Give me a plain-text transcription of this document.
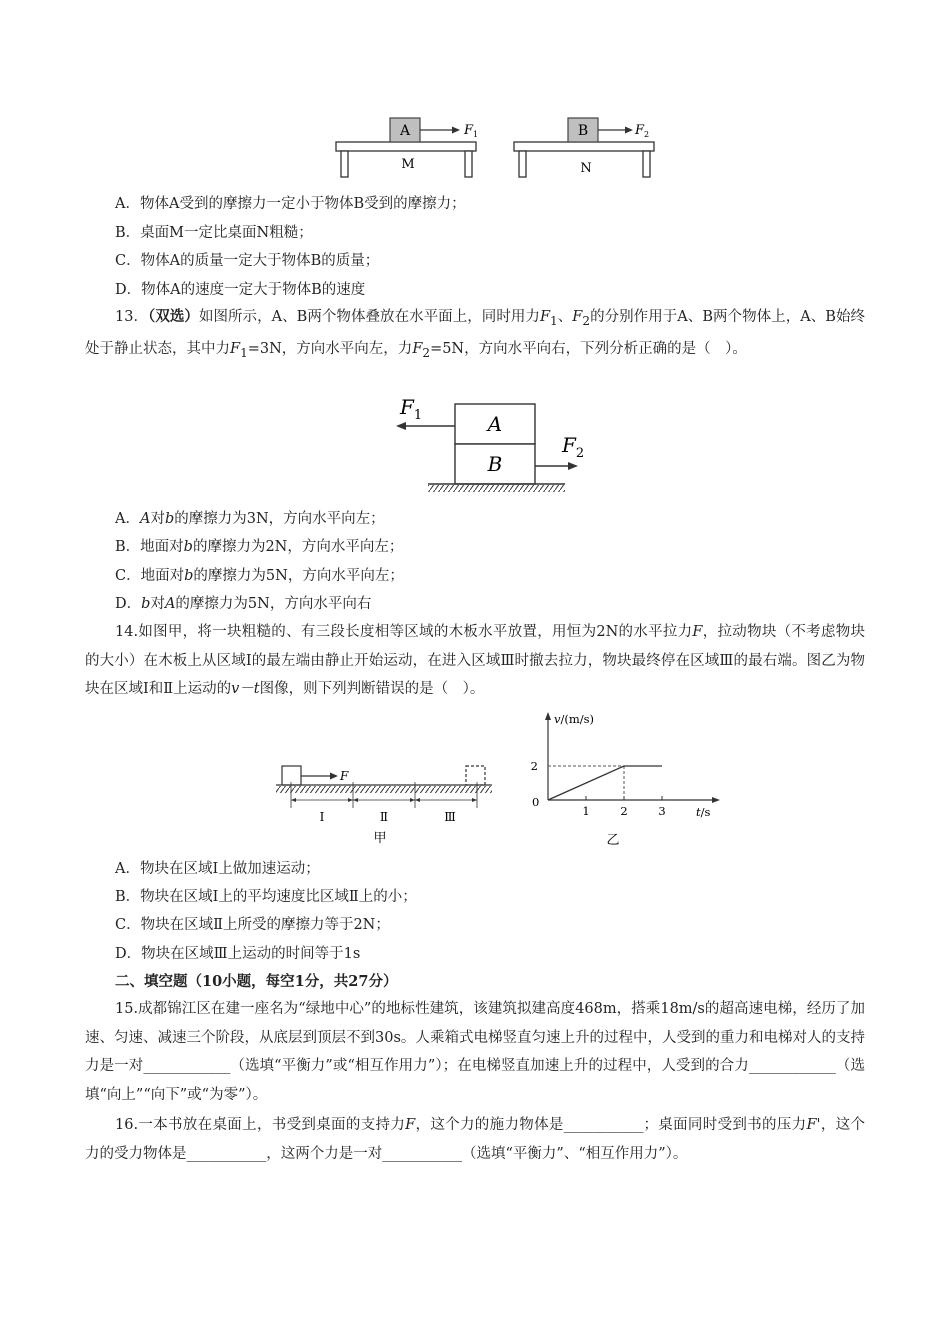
A	$F_1$
M
B	$F_2$
N
A．物体A受到的摩擦力一定小于物体B受到的摩擦力；
B．桌面M一定比桌面N粗糙；
C．物体A的质量一定大于物体B的质量；
D．物体A的速度一定大于物体B的速度
13．（双选）如图所示，A、B两个物体叠放在水平面上，同时用力$F_1$、$F_2$的分别作用于A、B两个物体上，A、B始终处于静止状态，其中力$F_1=3N$，方向水平向左，力$F_2=5N$，方向水平向右，下列分析正确的是（　）。
A
B
$F_1$
$F_2$
A．A对b的摩擦力为3N，方向水平向左；
B．地面对b的摩擦力为2N，方向水平向左；
C．地面对b的摩擦力为5N，方向水平向左；
D．b对A的摩擦力为5N，方向水平向右
14.如图甲，将一块粗糙的、有三段长度相等区域的木板水平放置，用恒为2N的水平拉力F，拉动物块（不考虑物块的大小）在木板上从区域Ⅰ的最左端由静止开始运动，在进入区域Ⅲ时撤去拉力，物块最终停在区域Ⅲ的最右端。图乙为物块在区域Ⅰ和Ⅱ上运动的v－t图像，则下列判断错误的是（　）。
F
Ⅰ	Ⅱ	Ⅲ
甲
v/(m/s)
t/s
0
1	2	3
2
乙
A．物块在区域Ⅰ上做加速运动；
B．物块在区域Ⅰ上的平均速度比区域Ⅱ上的小；
C．物块在区域Ⅱ上所受的摩擦力等于2N；
D．物块在区域Ⅲ上运动的时间等于1s
二、填空题（10小题，每空1分，共27分）
15.成都锦江区在建一座名为“绿地中心”的地标性建筑，该建筑拟建高度468m，搭乘18m/s的超高速电梯，经历了加速、匀速、减速三个阶段，从底层到顶层不到30s。人乘箱式电梯竖直匀速上升的过程中，人受到的重力和电梯对人的支持力是一对____________（选填“平衡力”或“相互作用力”）；在电梯竖直加速上升的过程中，人受到的合力____________（选填“向上”“向下”或“为零”）。
16.一本书放在桌面上，书受到桌面的支持力F，这个力的施力物体是___________；桌面同时受到书的压力F'，这个力的受力物体是___________，这两个力是一对___________（选填“平衡力”、“相互作用力”）。
